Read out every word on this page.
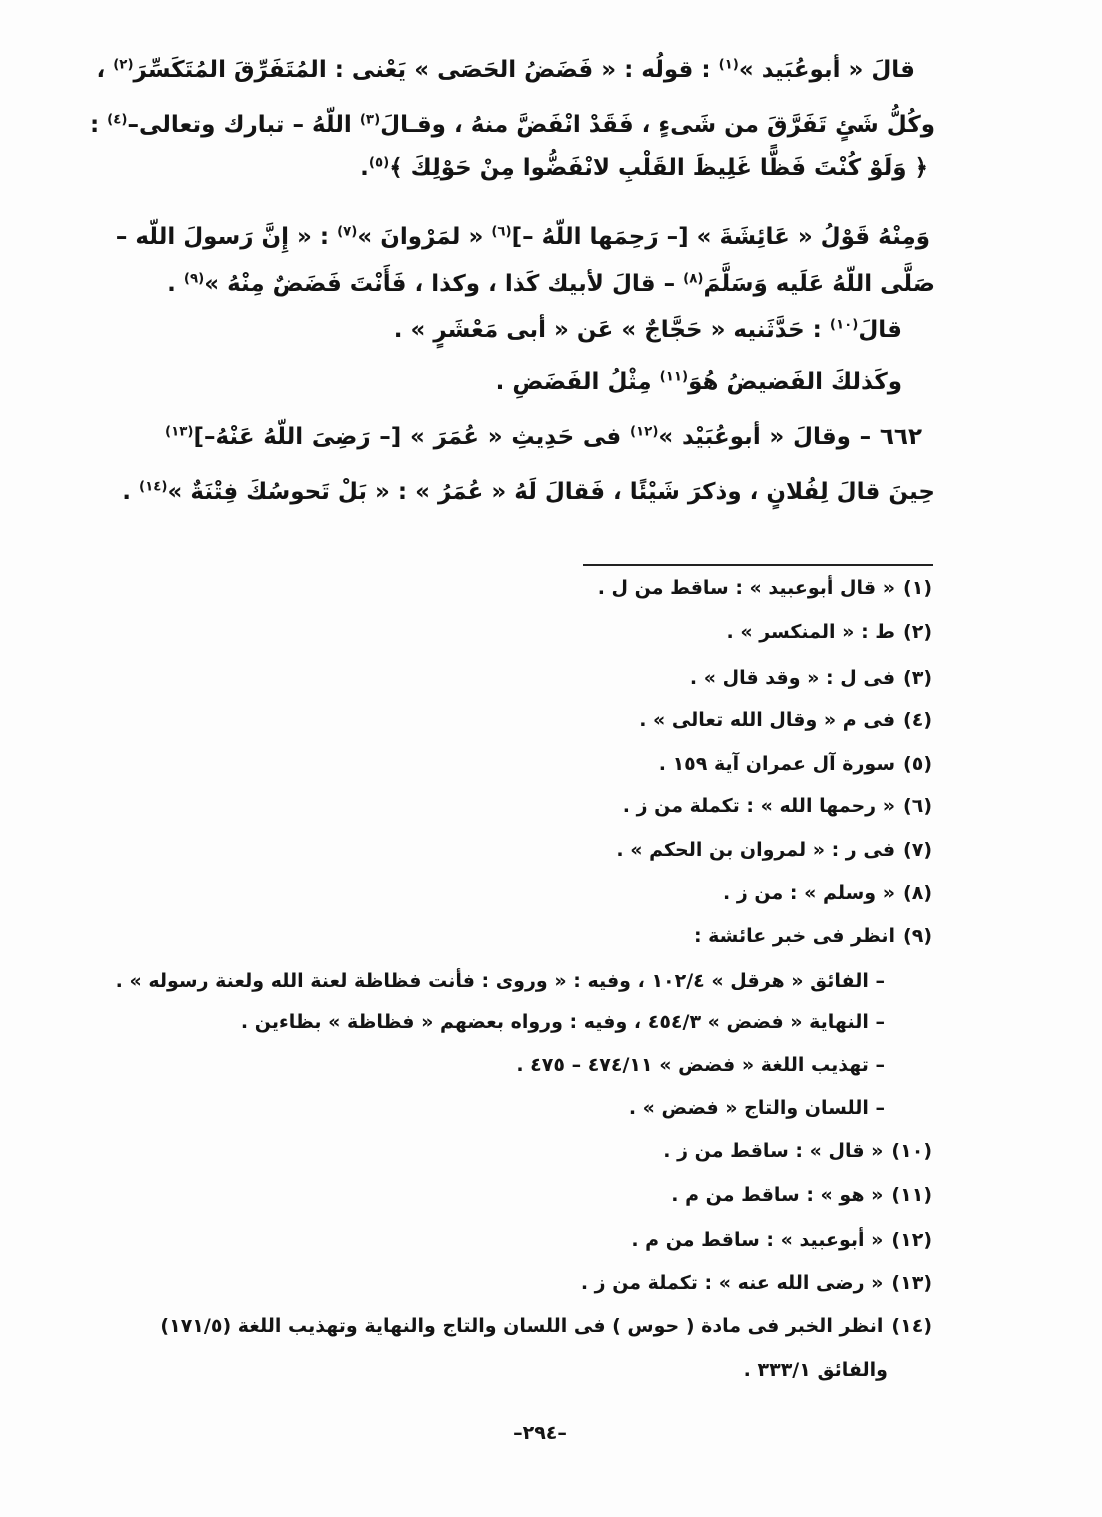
قالَ « أبوعُبَيد »$^{(١)}$ : قولُه : « فَضَضُ الحَصَى » يَعْنى : المُتَفَرِّقَ المُتَكَسِّرَ$^{(٢)}$ ،
وكُلُّ شَئٍ تَفَرَّقَ من شَىءٍ ، فَقَدْ انْفَضَّ منهُ ، وقـالَ$^{(٣)}$ اللّهُ – تبارك وتعالى–$^{(٤)}$ :
﴿ وَلَوْ كُنْتَ فَظًّا غَلِيظَ القَلْبِ لانْفَضُّوا مِنْ حَوْلِكَ ﴾$^{(٥)}$.
وَمِنْهُ قَوْلُ « عَائِشَةَ » [– رَحِمَها اللّهُ –]$^{(٦)}$ « لمَرْوانَ »$^{(٧)}$ : « إِنَّ رَسولَ اللّه –
صَلَّى اللّهُ عَلَيه وَسَلَّمَ$^{(٨)}$ – قالَ لأبيك كَذا ، وكذا ، فَأَنْتَ فَضَضٌ مِنْهُ »$^{(٩)}$ .
قالَ$^{(١٠)}$ : حَدَّثَنيه « حَجَّاجٌ » عَن « أبى مَعْشَرٍ » .
وكَذلكَ الفَضيضُ هُوَ$^{(١١)}$ مِثْلُ الفَضَضِ .
٦٦٢ – وقالَ « أبوعُبَيْد »$^{(١٢)}$ فى حَدِيثِ « عُمَرَ » [– رَضِىَ اللّهُ عَنْهُ–]$^{(١٣)}$
حِينَ قالَ لِفُلانٍ ، وذكرَ شَيْئًا ، فَقالَ لَهُ « عُمَرُ » : « بَلْ تَحوسُكَ فِتْنَةٌ »$^{(١٤)}$ .
(١)« قال أبوعبيد » : ساقط من ل .
(٢)ط : « المنكسر » .
(٣)فى ل : « وقد قال » .
(٤)فى م « وقال الله تعالى » .
(٥)سورة آل عمران آية ١٥٩ .
(٦)« رحمها الله » : تكملة من ز .
(٧)فى ر : « لمروان بن الحكم » .
(٨)« وسلم » : من ز .
(٩)انظر فى خبر عائشة :
– الفائق « هرقل » ١٠٢/٤ ، وفيه : « وروى : فأنت فظاظة لعنة الله ولعنة رسوله » .
– النهاية « فضض » ٤٥٤/٣ ، وفيه : ورواه بعضهم « فظاظة » بظاءين .
– تهذيب اللغة « فضض » ٤٧٤/١١ – ٤٧٥ .
– اللسان والتاج « فضض » .
(١٠)« قال » : ساقط من ز .
(١١)« هو » : ساقط من م .
(١٢)« أبوعبيد » : ساقط من م .
(١٣)« رضى الله عنه » : تكملة من ز .
(١٤)انظر الخبر فى مادة ( حوس ) فى اللسان والتاج والنهاية وتهذيب اللغة (١٧١/٥)
والفائق ٣٣٣/١ .
–٢٩٤–
